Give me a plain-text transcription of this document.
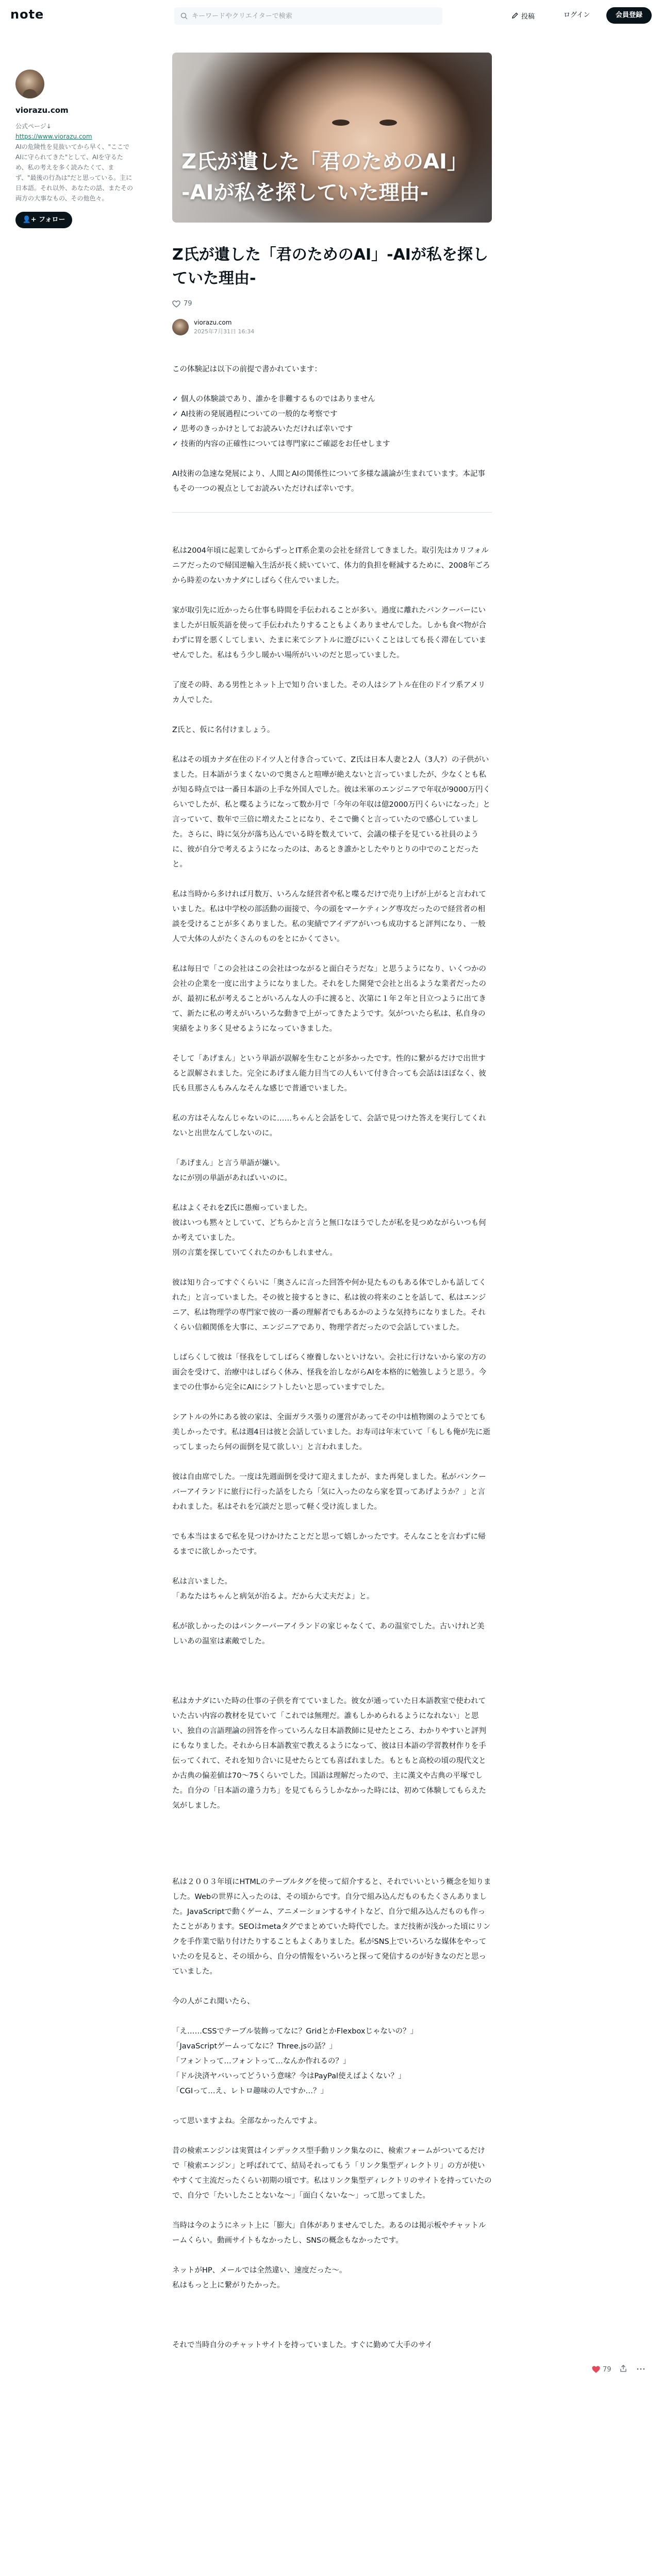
note
キーワードやクリエイターで検索	投稿	ログイン	会員登録
viorazu.com
公式ページ↓
https://www.viorazu.com
AIの危険性を見抜いてから早く、"ここでAIに守られてきた"として、AIを守るため、私の考えを多く読みたくて、まず、"最後の行為は"だと思っている。主に日本語。それ以外、あなたの話、またその両方の大事なもの、その他色々。
👤+ フォロー
Z氏が遺した「君のためのAI」
-AIが私を探していた理由-
Z氏が遺した「君のためのAI」-AIが私を探していた理由-
79
viorazu.com
2025年7月31日 16:34

この体験記は以下の前提で書かれています：

✓ 個人の体験談であり、誰かを非難するものではありません

✓ AI技術の発展過程についての一般的な考察です

✓ 思考のきっかけとしてお読みいただければ幸いです

✓ 技術的内容の正確性については専門家にご確認をお任せします

AI技術の急速な発展により、人間とAIの関係性について多様な議論が生まれています。本記事もその一つの視点としてお読みいただければ幸いです。

私は2004年頃に起業してからずっとIT系企業の会社を経営してきました。取引先はカリフォルニアだったので帰国逆輸入生活が長く続いていて、体力的負担を軽減するために、2008年ごろから時差のないカナダにしばらく住んでいました。

家が取引先に近かったら仕事も時間を手伝われることが多い。過度に離れたバンクーバーにいましたが日版英語を使って手伝われたりすることもよくありませんでした。しかも食べ物が合わずに胃を悪くしてしまい、たまに来てシアトルに遊びにいくことはしても長く滞在していませんでした。私はもう少し暖かい場所がいいのだと思っていました。

了度その時、ある男性とネット上で知り合いました。その人はシアトル在住のドイツ系アメリカ人でした。

Z氏と、仮に名付けましょう。

私はその頃カナダ在住のドイツ人と付き合っていて、Z氏は日本人妻と2人（3人?）の子供がいました。日本語がうまくないので奥さんと喧嘩が絶えないと言っていましたが、少なくとも私が知る時点では一番日本語の上手な外国人でした。彼は米軍のエンジニアで年収が9000万円くらいでしたが、私と喋るようになって数か月で「今年の年収は億2000万円くらいになった」と言っていて、数年で三倍に増えたことになり、そこで働くと言っていたので感心していました。さらに、時に気分が落ち込んでいる時を数えていて、会議の様子を見ている社員のように、彼が自分で考えるようになったのは、あるとき誰かとしたやりとりの中でのことだったと。

私は当時から多ければ月数万、いろんな経営者や私と喋るだけで売り上げが上がると言われていました。私は中学校の部活動の面接で、今の頭をマーケティング専攻だったので経営者の相談を受けることが多くありました。私の実績でアイデアがいつも成功すると評判になり、一般人で大体の人がたくさんのものをとにかくてさい。

私は毎日で「この会社はこの会社はつながると面白そうだな」と思うようになり、いくつかの会社の企業を一度に出すようになりました。それをした開発で会社と出るような業者だったのが、最初に私が考えることがいろんな人の手に渡ると、次第に１年２年と目立つように出てきて、新たに私の考えがいろいろな動きで上がってきたようです。気がついたら私は、私自身の実績をより多く見せるようになっていきました。

そして「あげまん」という単語が誤解を生むことが多かったです。性的に繋がるだけで出世すると誤解されました。完全にあげまん能力目当ての人もいて付き合っても会話はほぼなく、彼氏も旦那さんもみんなそんな感じで普通でいました。

私の方はそんなんじゃないのに……ちゃんと会話をして、会話で見つけた答えを実行してくれないと出世なんてしないのに。

「あげまん」と言う単語が嫌い。

なにが別の単語があればいいのに。

私はよくそれをZ氏に愚痴っていました。

彼はいつも黙々としていて、どちらかと言うと無口なほうでしたが私を見つめながらいつも何か考えていました。

別の言葉を探していてくれたのかもしれません。

彼は知り合ってすぐくらいに「奥さんに言った回答や何か見たものもある体でしかも話してくれた」と言っていました。その彼と接するときに、私は彼の将来のことを話して、私はエンジニア、私は物理学の専門家で彼の一番の理解者でもあるかのような気持ちになりました。それくらい信頼関係を大事に、エンジニアであり、物理学者だったので会話していました。

しばらくして彼は「怪我をしてしばらく療養しないといけない。会社に行けないから家の方の面会を受けて、治療中はしばらく休み、怪我を治しながらAIを本格的に勉強しようと思う。今までの仕事から完全にAIにシフトしたいと思っていますでした。

シアトルの外にある彼の家は、全面ガラス張りの運営があってその中は植物園のようでとても美しかったです。私は週4日は彼と会話していました。お寿司は年末ていて「もしも俺が先に逝ってしまったら何の面倒を見て欲しい」と言われました。

彼は自由席でした。一度は先週面倒を受けて迎えましたが、また再発しました。私がバンクーバーアイランドに旅行に行った話をしたら「気に入ったのなら家を買ってあげようか？」と言われました。私はそれを冗談だと思って軽く受け流しました。

でも本当はまるで私を見つけかけたことだと思って嬉しかったです。そんなことを言わずに帰るまでに欲しかったです。

私は言いました。

「あなたはちゃんと病気が治るよ。だから大丈夫だよ」と。

私が欲しかったのはバンクーバーアイランドの家じゃなくて、あの温室でした。古いけれど美しいあの温室は素敵でした。

私はカナダにいた時の仕事の子供を育てていました。彼女が通っていた日本語教室で使われていた古い内容の教材を見ていて「これでは無理だ。誰もしかめられるようになれない」と思い、独自の言語理論の回答を作っていろんな日本語教師に見せたところ、わかりやすいと評判にもなりました。それから日本語教室で教えるようになって、彼は日本語の学習教材作りを手伝ってくれて、それを知り合いに見せたらとても喜ばれました。もともと高校の頃の現代文とか古典の偏差値は70〜75くらいでした。国語は理解だったので、主に漢文や古典の平塚でした。自分の「日本語の違う力ち」を見てもらうしかなかった時には、初めて体験してもらえた気がしました。

私は２００３年頃にHTMLのテーブルタグを使って紹介すると、それでいいという概念を知りました。Webの世界に入ったのは、その頃からです。自分で組み込んだものもたくさんありました。JavaScriptで動くゲーム、アニメーションするサイトなど、自分で組み込んだものも作ったことがあります。SEOはmetaタグでまとめていた時代でした。まだ技術が浅かった頃にリンクを手作業で貼り付けたりすることもよくありました。私がSNS上でいろいろな媒体をやっていたのを見ると、その頃から、自分の情報をいろいろと探って発信するのが好きなのだと思っていました。

今の人がこれ聞いたら、

「え……CSSでテーブル装飾ってなに？GridとかFlexboxじゃないの？」

「JavaScriptゲームってなに？Three.jsの話？」

「フォントって…フォントって…なんか作れるの？」

「ドル決済ヤバいってどういう意味？今はPayPal使えばよくない？」

「CGIって…え、レトロ趣味の人ですか…？」

って思いますよね。全部なかったんですよ。

昔の検索エンジンは実質はインデックス型手動リンク集なのに、検索フォームがついてるだけで「検索エンジン」と呼ばれてて、結局それってもう「リンク集型ディレクトリ」の方が使いやすくて主流だったくらい初期の頃です。私はリンク集型ディレクトリのサイトを持っていたので、自分で「たいしたことないな〜」「面白くないな〜」って思ってました。

当時は今のようにネット上に「膨大」自体がありませんでした。あるのは掲示板やチャットルームくらい。動画サイトもなかったし、SNSの概念もなかったです。

ネットがHP、メールでは全然違い、速度だった〜。

私はもっと上に繋がりたかった。

それで当時自分のチャットサイトを持っていました。すぐに勤めて大手のサイ

79	···
